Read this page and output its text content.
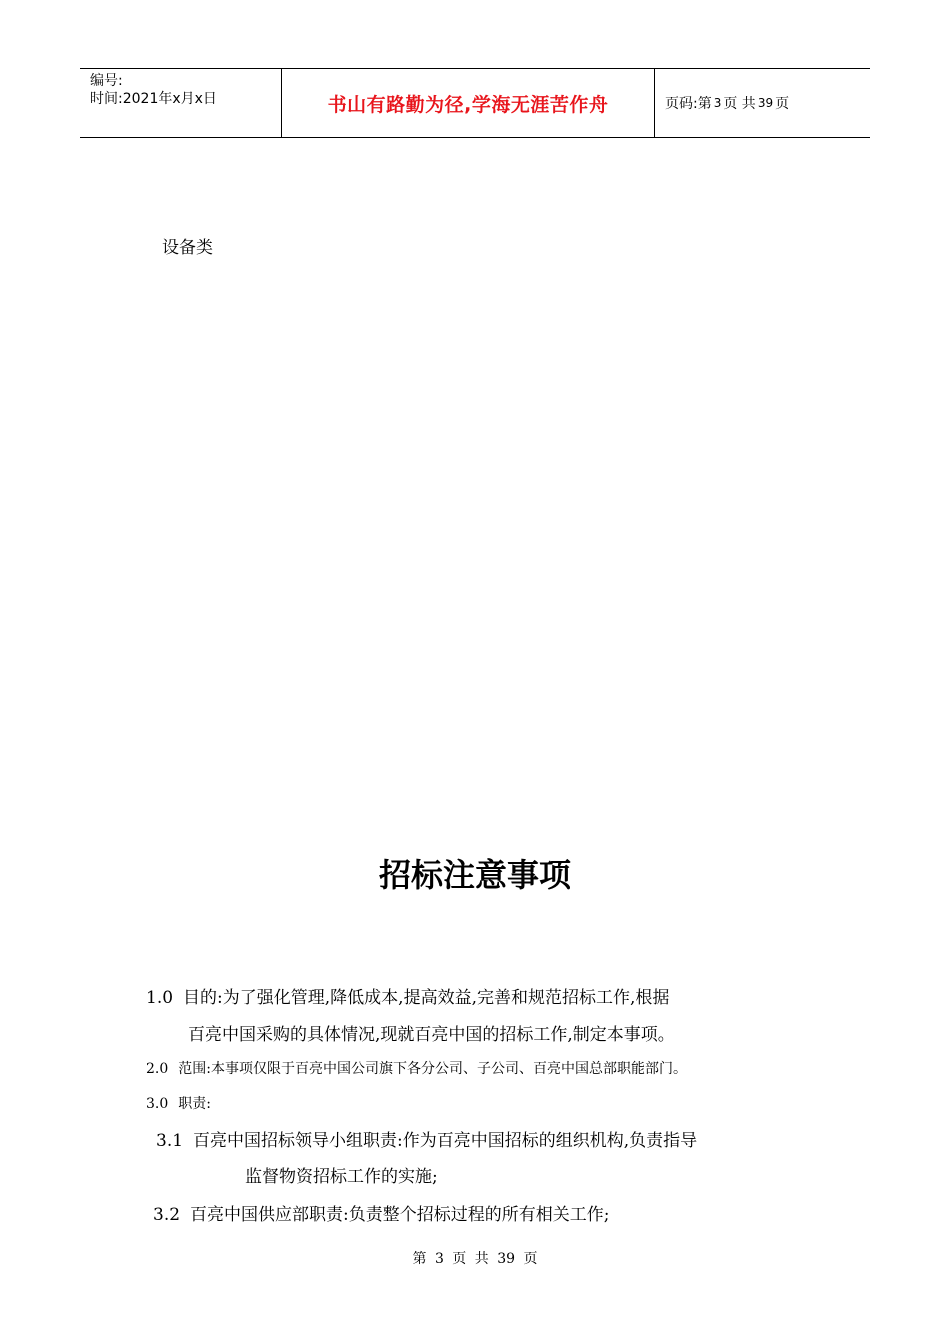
编号:
时间:2021年x月x日	书山有路勤为径,学海无涯苦作舟	页码:第 3 页 共 39 页
设备类
招标注意事项
1.0 目的:为了强化管理,降低成本,提高效益,完善和规范招标工作,根据
百亮中国采购的具体情况,现就百亮中国的招标工作,制定本事项。
2.0 范围:本事项仅限于百亮中国公司旗下各分公司、子公司、百亮中国总部职能部门。
3.0 职责:
3.1 百亮中国招标领导小组职责:作为百亮中国招标的组织机构,负责指导
监督物资招标工作的实施;
3.2 百亮中国供应部职责:负责整个招标过程的所有相关工作;
第 3 页 共 39 页
